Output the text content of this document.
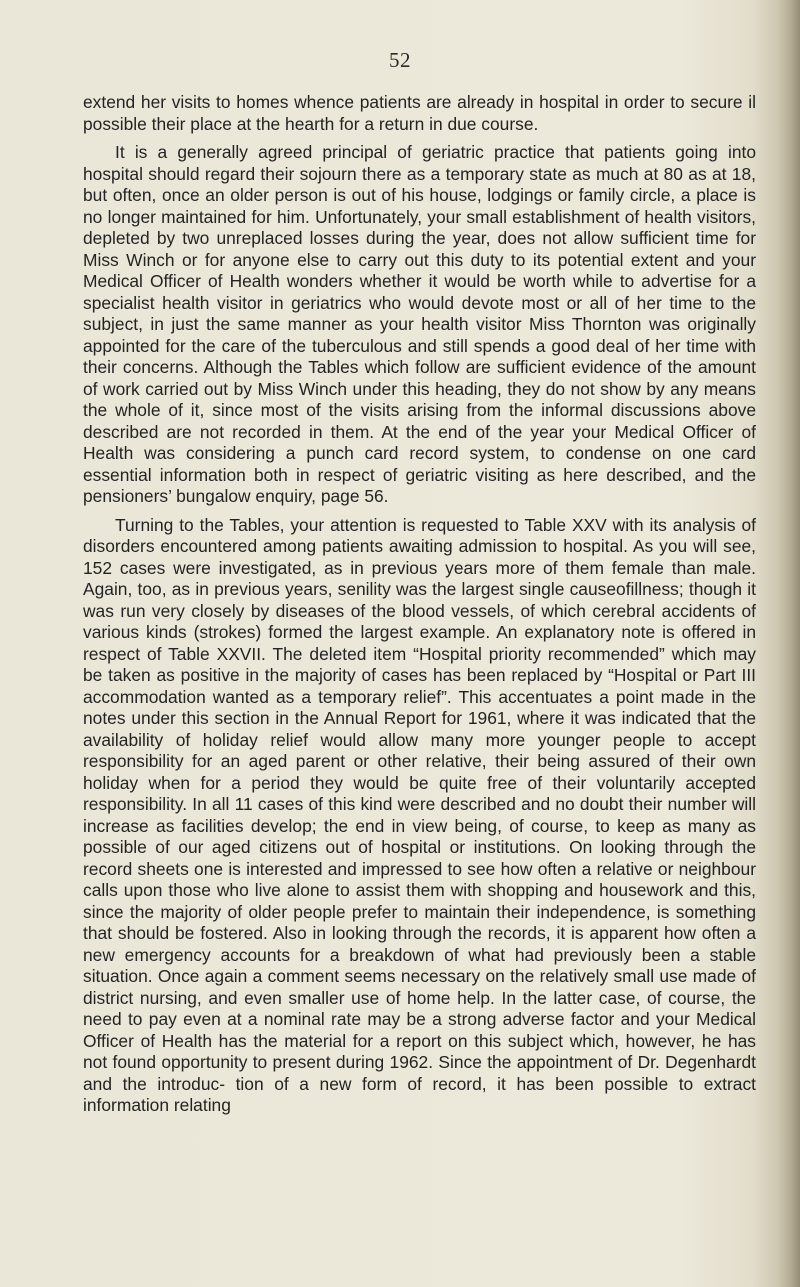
52

extend her visits to homes whence patients are already in hospital in order to secure il possible their place at the hearth for a return in due course.

It is a generally agreed principal of geriatric practice that patients going into hospital should regard their sojourn there as a temporary state as much at 80 as at 18, but often, once an older person is out of his house, lodgings or family circle, a place is no longer maintained for him. Unfortunately, your small establishment of health visitors, depleted by two unreplaced losses during the year, does not allow sufficient time for Miss Winch or for anyone else to carry out this duty to its potential extent and your Medical Officer of Health wonders whether it would be worth while to advertise for a specialist health visitor in geriatrics who would devote most or all of her time to the subject, in just the same manner as your health visitor Miss Thornton was originally appointed for the care of the tuberculous and still spends a good deal of her time with their concerns. Although the Tables which follow are sufficient evidence of the amount of work carried out by Miss Winch under this heading, they do not show by any means the whole of it, since most of the visits arising from the informal discussions above described are not recorded in them. At the end of the year your Medical Officer of Health was considering a punch card record system, to condense on one card essential information both in respect of geriatric visiting as here described, and the pensioners’ bungalow enquiry, page 56.

Turning to the Tables, your attention is requested to Table XXV with its analysis of disorders encountered among patients awaiting admission to hospital. As you will see, 152 cases were investigated, as in previous years more of them female than male. Again, too, as in previous years, senility was the largest single causeofillness; though it was run very closely by diseases of the blood vessels, of which cerebral accidents of various kinds (strokes) formed the largest example. An explanatory note is offered in respect of Table XXVII. The deleted item “Hospital priority recommended” which may be taken as positive in the majority of cases has been replaced by “Hospital or Part III accommodation wanted as a temporary relief”. This accentuates a point made in the notes under this section in the Annual Report for 1961, where it was indicated that the availability of holiday relief would allow many more younger people to accept responsibility for an aged parent or other relative, their being assured of their own holiday when for a period they would be quite free of their voluntarily accepted responsibility. In all 11 cases of this kind were described and no doubt their number will increase as facilities develop; the end in view being, of course, to keep as many as possible of our aged citizens out of hospital or institutions. On looking through the record sheets one is interested and impressed to see how often a relative or neighbour calls upon those who live alone to assist them with shopping and housework and this, since the majority of older people prefer to maintain their independence, is something that should be fostered. Also in looking through the records, it is apparent how often a new emergency accounts for a breakdown of what had previously been a stable situation. Once again a comment seems necessary on the relatively small use made of district nursing, and even smaller use of home help. In the latter case, of course, the need to pay even at a nominal rate may be a strong adverse factor and your Medical Officer of Health has the material for a report on this subject which, however, he has not found opportunity to present during 1962. Since the appointment of Dr. Degenhardt and the introduc- tion of a new form of record, it has been possible to extract information relating
